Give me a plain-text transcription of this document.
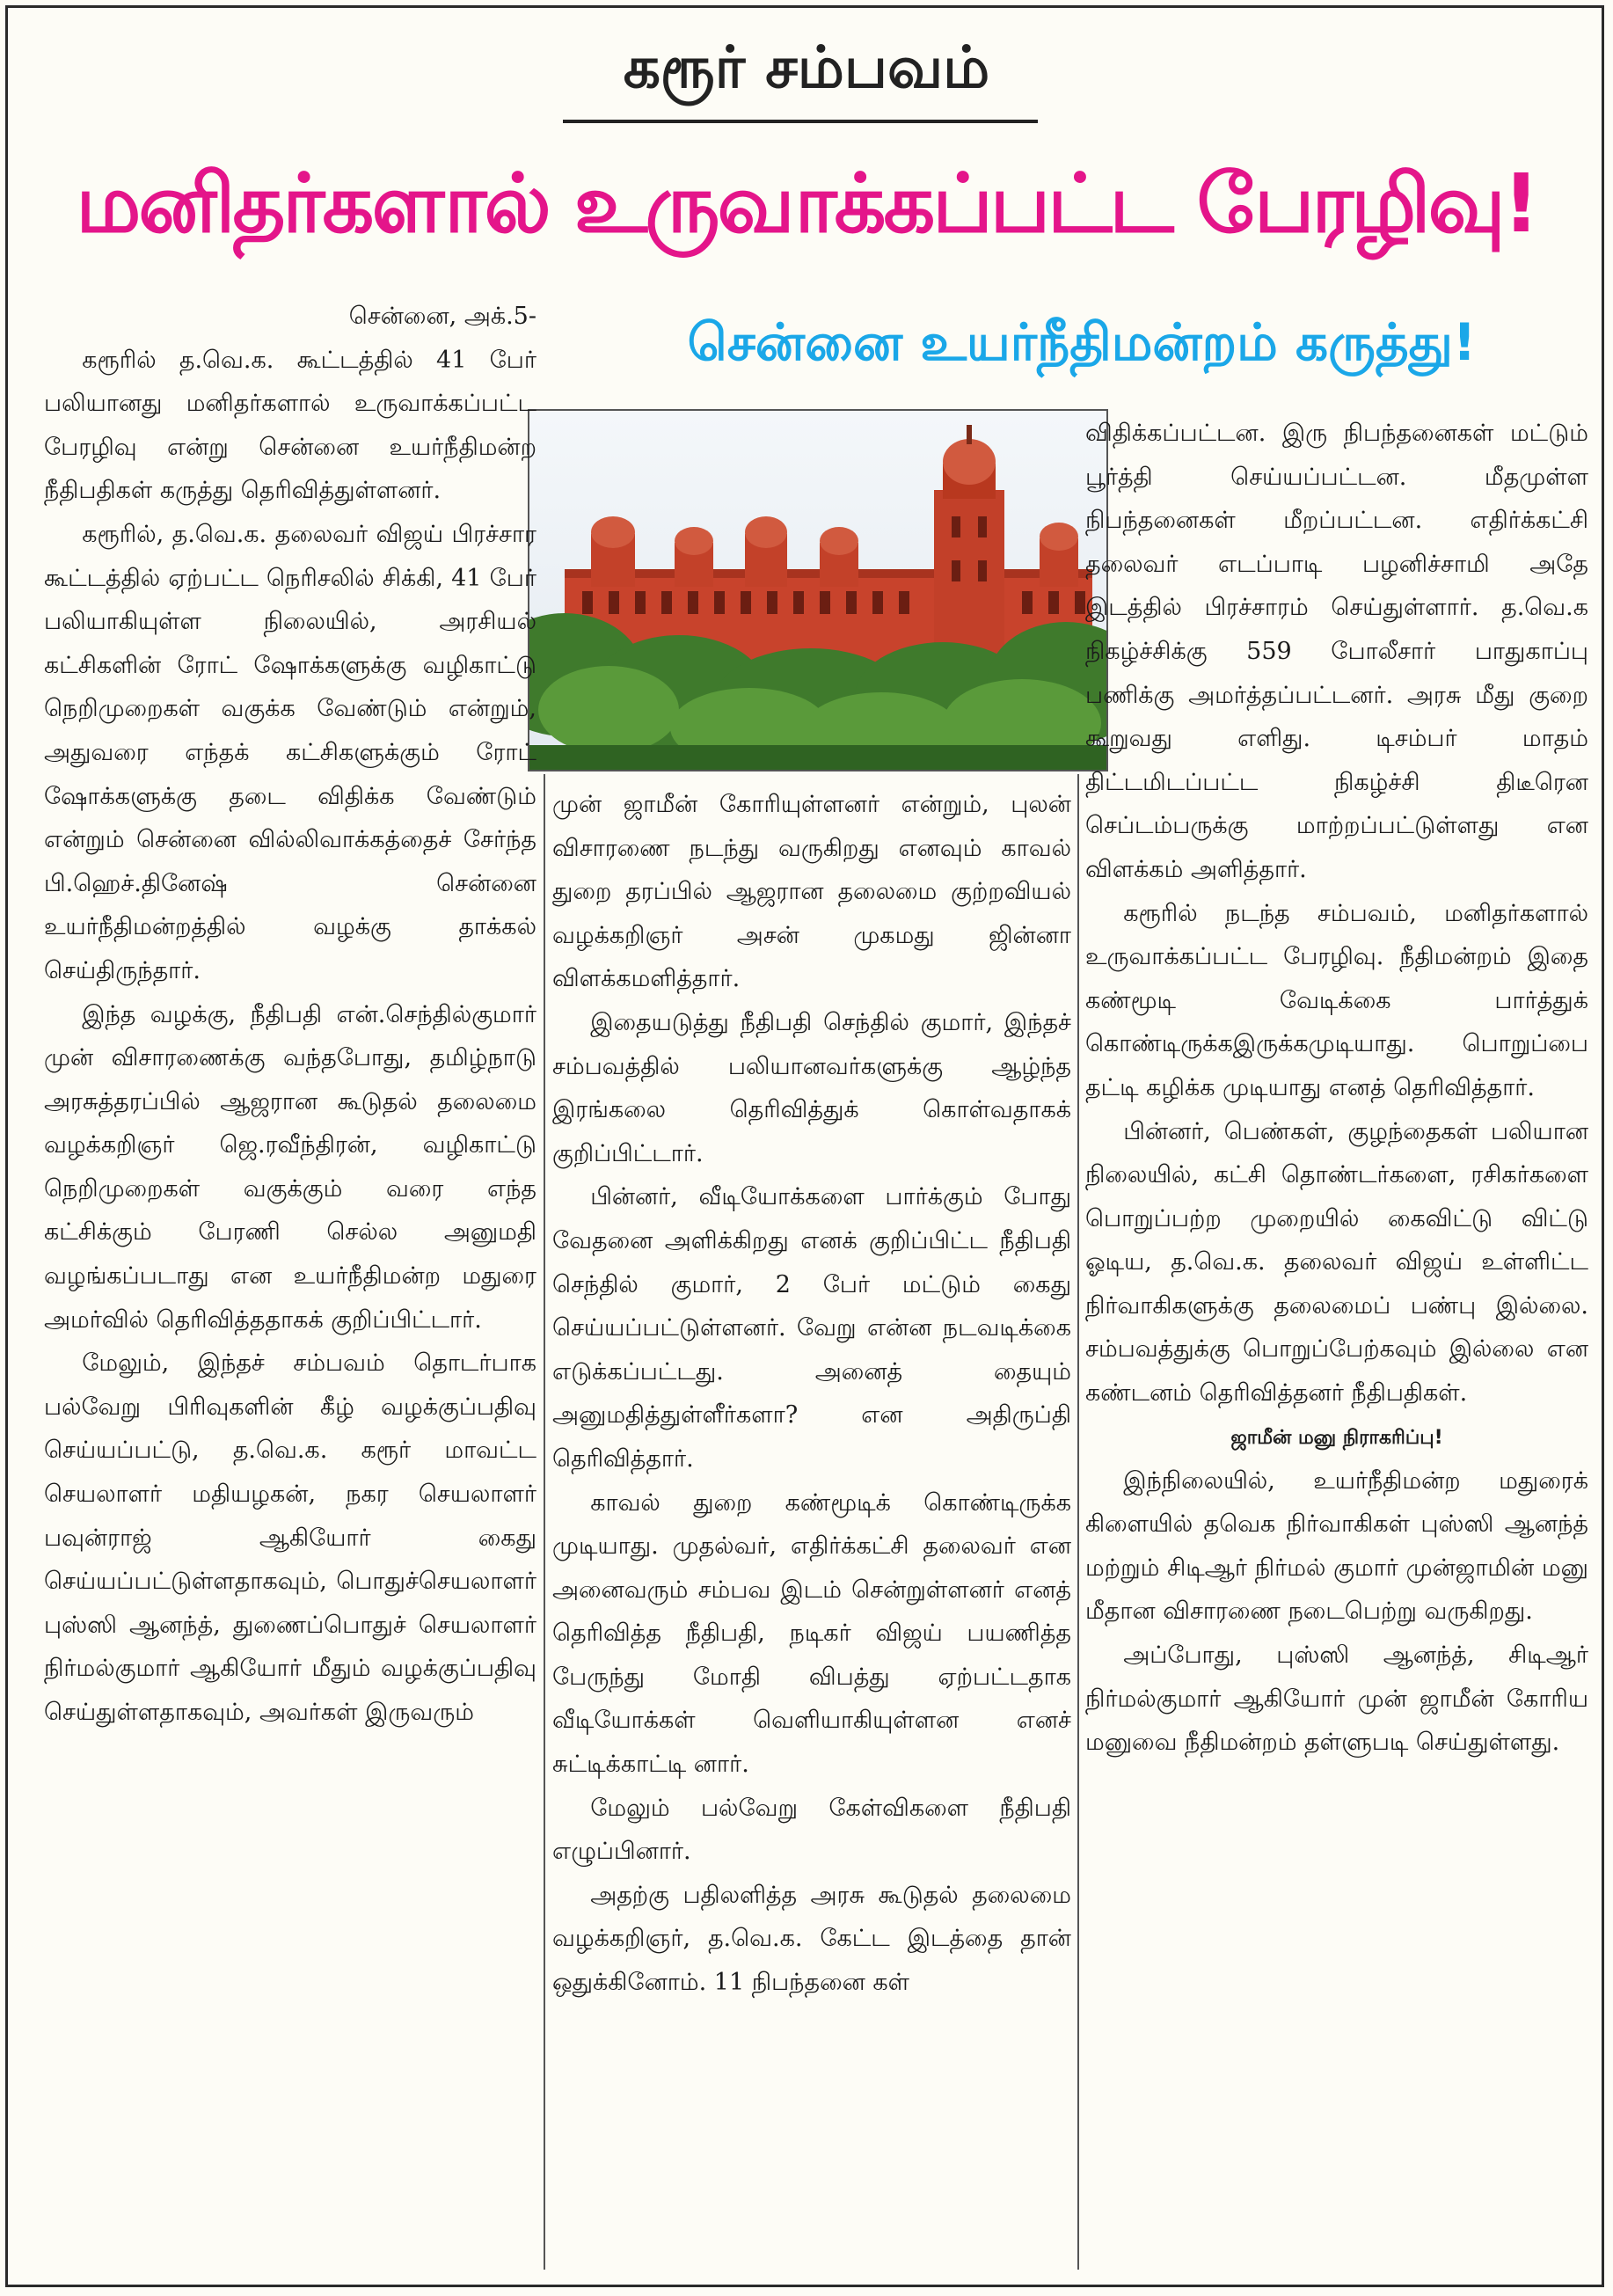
கரூர் சம்பவம்
மனிதர்களால் உருவாக்கப்பட்ட பேரழிவு!
சென்னை உயர்நீதிமன்றம் கருத்து!

சென்னை, அக்.5-

கரூரில் த.வெ.க. கூட்டத்தில் 41 பேர் பலியானது மனிதர்களால் உருவாக்கப்பட்ட பேரழிவு என்று சென்னை உயர்நீதிமன்ற நீதிபதிகள் கருத்து தெரிவித்துள்ளனர்.

கரூரில், த.வெ.க. தலைவர் விஜய் பிரச்சார கூட்டத்தில் ஏற்பட்ட நெரிசலில் சிக்கி, 41 பேர் பலியாகியுள்ள நிலையில், அரசியல் கட்சிகளின் ரோட் ஷோக்களுக்கு வழிகாட்டு நெறிமுறைகள் வகுக்க வேண்டும் என்றும், அதுவரை எந்தக் கட்சிகளுக்கும் ரோட் ஷோக்களுக்கு தடை விதிக்க வேண்டும் என்றும் சென்னை வில்லிவாக்கத்தைச் சேர்ந்த பி.ஹெச்.தினேஷ் சென்னை உயர்நீதிமன்றத்தில் வழக்கு தாக்கல் செய்திருந்தார்.

இந்த வழக்கு, நீதிபதி என்.செந்தில்குமார் முன் விசாரணைக்கு வந்தபோது, தமிழ்நாடு அரசுத்தரப்பில் ஆஜரான கூடுதல் தலைமை வழக்கறிஞர் ஜெ.ரவீந்திரன், வழிகாட்டு நெறிமுறைகள் வகுக்கும் வரை எந்த கட்சிக்கும் பேரணி செல்ல அனுமதி வழங்கப்படாது என உயர்நீதிமன்ற மதுரை அமர்வில் தெரிவித்ததாகக் குறிப்பிட்டார்.

மேலும், இந்தச் சம்பவம் தொடர்பாக பல்வேறு பிரிவுகளின் கீழ் வழக்குப்பதிவு செய்யப்பட்டு, த.வெ.க. கரூர் மாவட்ட செயலாளர் மதியழகன், நகர செயலாளர் பவுன்ராஜ் ஆகியோர் கைது செய்யப்பட்டுள்ளதாகவும், பொதுச்செயலாளர் புஸ்ஸி ஆனந்த், துணைப்பொதுச் செயலாளர் நிர்மல்குமார் ஆகியோர் மீதும் வழக்குப்பதிவு செய்துள்ளதாகவும், அவர்கள் இருவரும்

முன் ஜாமீன் கோரியுள்ளனர் என்றும், புலன் விசாரணை நடந்து வருகிறது எனவும் காவல் துறை தரப்பில் ஆஜரான தலைமை குற்றவியல் வழக்கறிஞர் அசன் முகமது ஜின்னா விளக்கமளித்தார்.

இதையடுத்து நீதிபதி செந்தில் குமார், இந்தச் சம்பவத்தில் பலியானவர்களுக்கு ஆழ்ந்த இரங்கலை தெரிவித்துக் கொள்வதாகக் குறிப்பிட்டார்.

பின்னர், வீடியோக்களை பார்க்கும் போது வேதனை அளிக்கிறது எனக் குறிப்பிட்ட நீதிபதி செந்தில் குமார், 2 பேர் மட்டும் கைது செய்யப்பட்டுள்ளனர். வேறு என்ன நடவடிக்கை எடுக்கப்பட்டது. அனைத் தையும் அனுமதித்துள்ளீர்களா? என அதிருப்தி தெரிவித்தார்.

காவல் துறை கண்மூடிக் கொண்டிருக்க முடியாது. முதல்வர், எதிர்க்கட்சி தலைவர் என அனைவரும் சம்பவ இடம் சென்றுள்ளனர் எனத் தெரிவித்த நீதிபதி, நடிகர் விஜய் பயணித்த பேருந்து மோதி விபத்து ஏற்பட்டதாக வீடியோக்கள் வெளியாகியுள்ளன எனச் சுட்டிக்காட்டி னார்.

மேலும் பல்வேறு கேள்விகளை நீதிபதி எழுப்பினார்.

அதற்கு பதிலளித்த அரசு கூடுதல் தலைமை வழக்கறிஞர், த.வெ.க. கேட்ட இடத்தை தான் ஒதுக்கினோம். 11 நிபந்தனை கள்

விதிக்கப்பட்டன. இரு நிபந்தனைகள் மட்டும் பூர்த்தி செய்யப்பட்டன. மீதமுள்ள நிபந்தனைகள் மீறப்பட்டன. எதிர்க்கட்சி தலைவர் எடப்பாடி பழனிச்சாமி அதே இடத்தில் பிரச்சாரம் செய்துள்ளார். த.வெ.க நிகழ்ச்சிக்கு 559 போலீசார் பாதுகாப்பு பணிக்கு அமர்த்தப்பட்டனர். அரசு மீது குறை கூறுவது எளிது. டிசம்பர் மாதம் திட்டமிடப்பட்ட நிகழ்ச்சி திடீரென செப்டம்பருக்கு மாற்றப்பட்டுள்ளது என விளக்கம் அளித்தார்.

கரூரில் நடந்த சம்பவம், மனிதர்களால் உருவாக்கப்பட்ட பேரழிவு. நீதிமன்றம் இதை கண்மூடி வேடிக்கை பார்த்துக் கொண்டிருக்கஇருக்கமுடியாது. பொறுப்பை தட்டி கழிக்க முடியாது எனத் தெரிவித்தார்.

பின்னர், பெண்கள், குழந்தைகள் பலியான நிலையில், கட்சி தொண்டர்களை, ரசிகர்களை பொறுப்பற்ற முறையில் கைவிட்டு விட்டு ஓடிய, த.வெ.க. தலைவர் விஜய் உள்ளிட்ட நிர்வாகிகளுக்கு தலைமைப் பண்பு இல்லை. சம்பவத்துக்கு பொறுப்பேற்கவும் இல்லை என கண்டனம் தெரிவித்தனர் நீதிபதிகள்.

ஜாமீன் மனு நிராகரிப்பு!

இந்நிலையில், உயர்நீதிமன்ற மதுரைக் கிளையில் தவெக நிர்வாகிகள் புஸ்ஸி ஆனந்த் மற்றும் சிடிஆர் நிர்மல் குமார் முன்ஜாமின் மனு மீதான விசாரணை நடைபெற்று வருகிறது.

அப்போது, புஸ்ஸி ஆனந்த், சிடிஆர் நிர்மல்குமார் ஆகியோர் முன் ஜாமீன் கோரிய மனுவை நீதிமன்றம் தள்ளுபடி செய்துள்ளது.
